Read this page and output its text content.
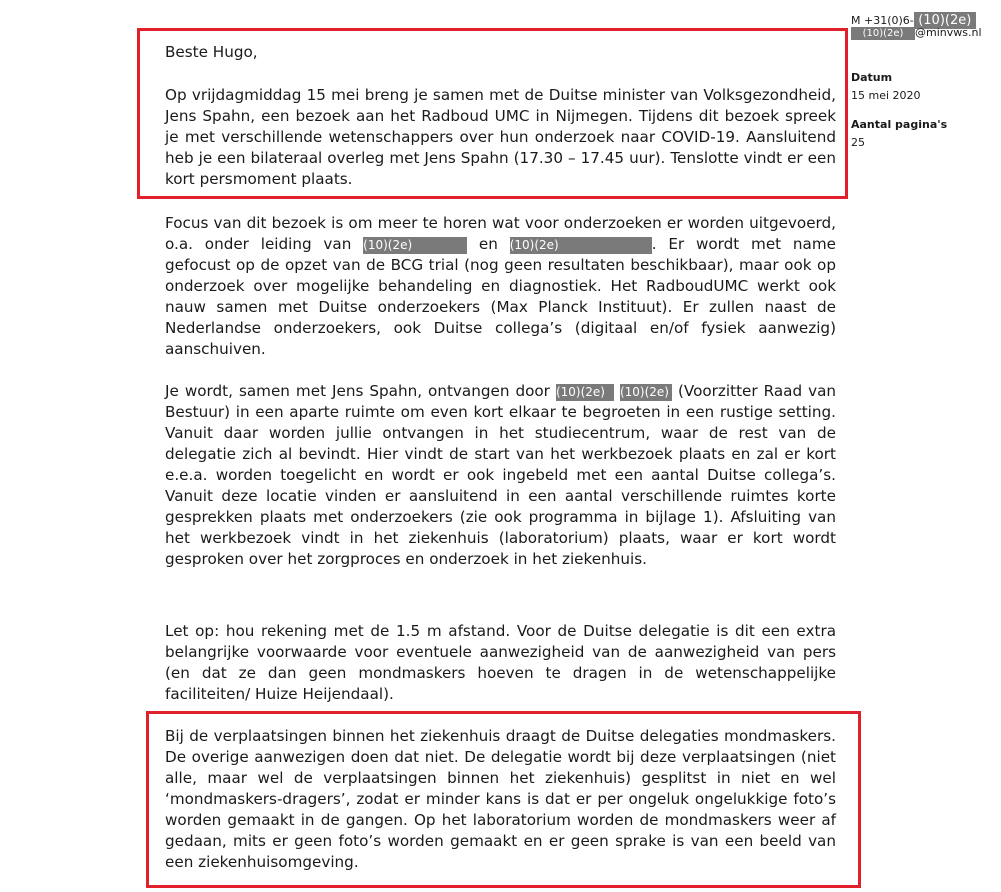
M +31(0)6- (10)(2e)
(10)(2e) @minvws.nl
Datum
15 mei 2020
Aantal pagina's
25

Beste Hugo,

Op vrijdagmiddag 15 mei breng je samen met de Duitse minister van Volksgezondheid, Jens Spahn, een bezoek aan het Radboud UMC in Nijmegen. Tijdens dit bezoek spreek je met verschillende wetenschappers over hun onderzoek naar COVID-19. Aansluitend heb je een bilateraal overleg met Jens Spahn (17.30 – 17.45 uur). Tenslotte vindt er een kort persmoment plaats.

Focus van dit bezoek is om meer te horen wat voor onderzoeken er worden uitgevoerd, o.a. onder leiding van (10)(2e)	en (10)(2e)	. Er wordt met name gefocust op de opzet van de BCG trial (nog geen resultaten beschikbaar), maar ook op onderzoek over mogelijke behandeling en diagnostiek. Het RadboudUMC werkt ook nauw samen met Duitse onderzoekers (Max Planck Instituut). Er zullen naast de Nederlandse onderzoekers, ook Duitse collega’s (digitaal en/of fysiek aanwezig) aanschuiven.

Je wordt, samen met Jens Spahn, ontvangen door (10)(2e) (10)(2e) (Voorzitter Raad van Bestuur) in een aparte ruimte om even kort elkaar te begroeten in een rustige setting. Vanuit daar worden jullie ontvangen in het studiecentrum, waar de rest van de delegatie zich al bevindt. Hier vindt de start van het werkbezoek plaats en zal er kort e.e.a. worden toegelicht en wordt er ook ingebeld met een aantal Duitse collega’s. Vanuit deze locatie vinden er aansluitend in een aantal verschillende ruimtes korte gesprekken plaats met onderzoekers (zie ook programma in bijlage 1). Afsluiting van het werkbezoek vindt in het ziekenhuis (laboratorium) plaats, waar er kort wordt gesproken over het zorgproces en onderzoek in het ziekenhuis.

Let op: hou rekening met de 1.5 m afstand. Voor de Duitse delegatie is dit een extra belangrijke voorwaarde voor eventuele aanwezigheid van de aanwezigheid van pers (en dat ze dan geen mondmaskers hoeven te dragen in de wetenschappelijke faciliteiten/ Huize Heijendaal).

Bij de verplaatsingen binnen het ziekenhuis draagt de Duitse delegaties mondmaskers. De overige aanwezigen doen dat niet. De delegatie wordt bij deze verplaatsingen (niet alle, maar wel de verplaatsingen binnen het ziekenhuis) gesplitst in niet en wel ‘mondmaskers-dragers’, zodat er minder kans is dat er per ongeluk ongelukkige foto’s worden gemaakt in de gangen. Op het laboratorium worden de mondmaskers weer af gedaan, mits er geen foto’s worden gemaakt en er geen sprake is van een beeld van een ziekenhuisomgeving.
